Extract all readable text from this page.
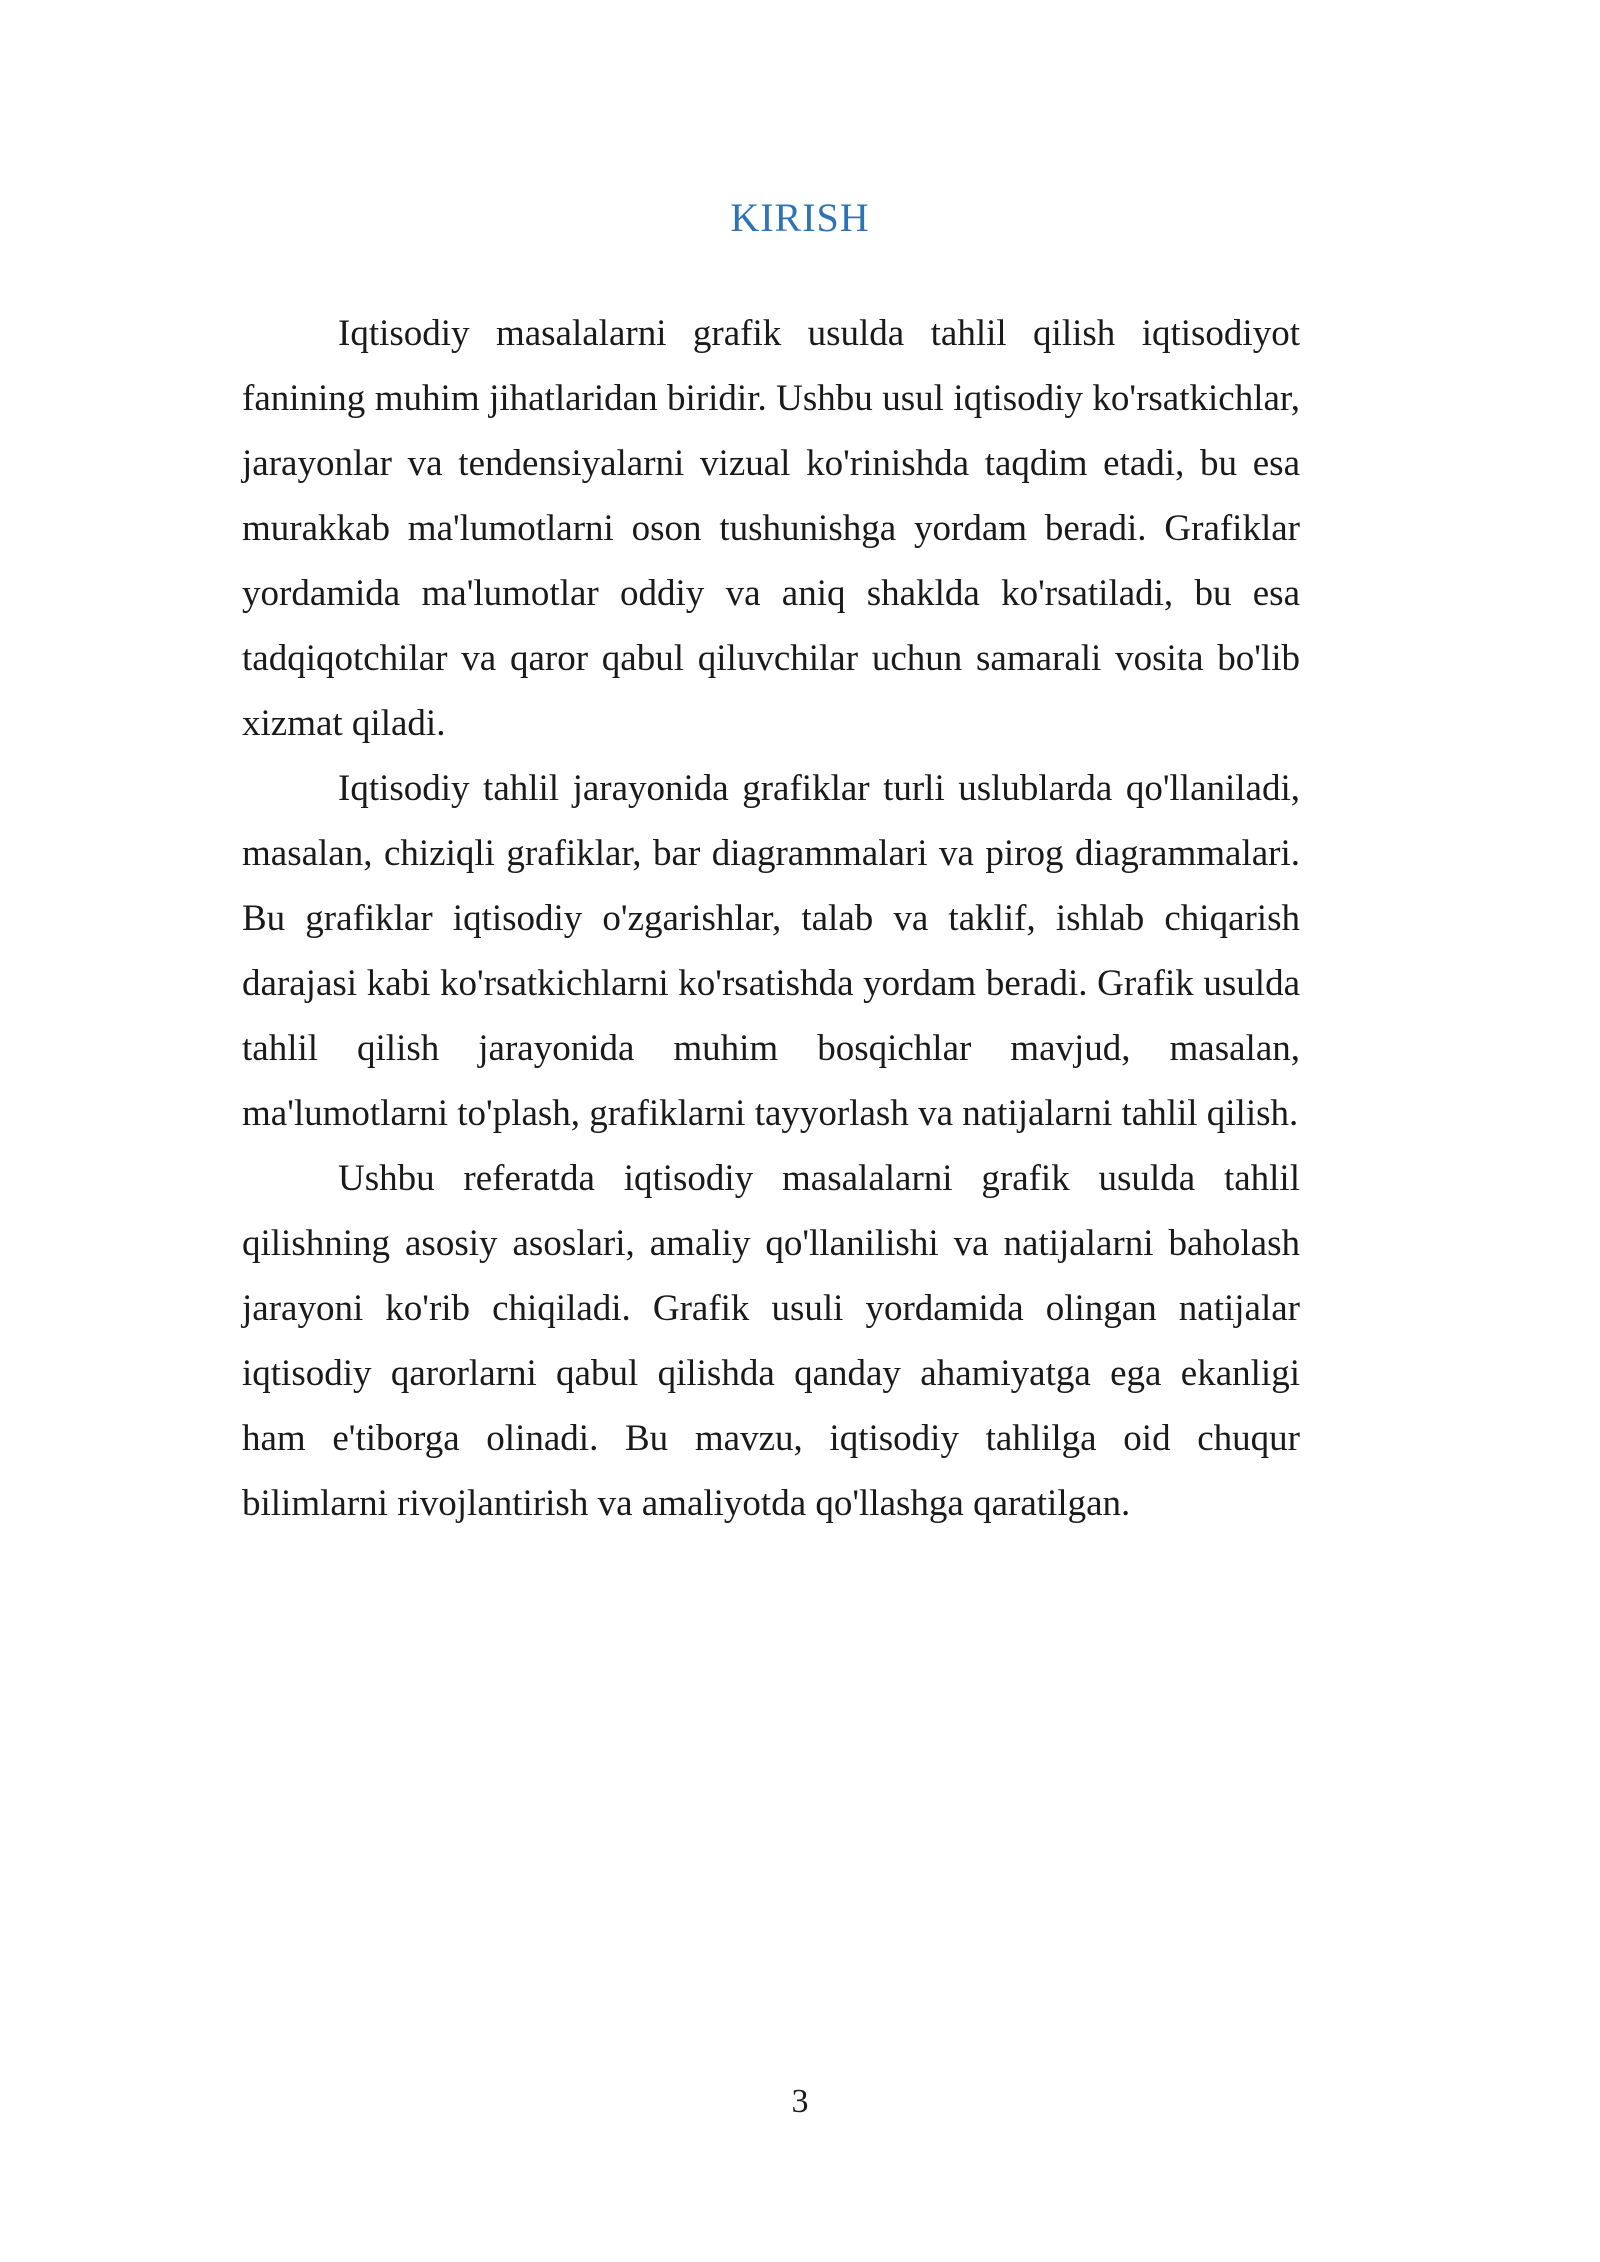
KIRISH

Iqtisodiy masalalarni grafik usulda tahlil qilish iqtisodiyot fanining muhim jihatlaridan biridir. Ushbu usul iqtisodiy ko'rsatkichlar, jarayonlar va tendensiyalarni vizual ko'rinishda taqdim etadi, bu esa murakkab ma'lumotlarni oson tushunishga yordam beradi. Grafiklar yordamida ma'lumotlar oddiy va aniq shaklda ko'rsatiladi, bu esa tadqiqotchilar va qaror qabul qiluvchilar uchun samarali vosita bo'lib xizmat qiladi.

Iqtisodiy tahlil jarayonida grafiklar turli uslublarda qo'llaniladi, masalan, chiziqli grafiklar, bar diagrammalari va pirog diagrammalari. Bu grafiklar iqtisodiy o'zgarishlar, talab va taklif, ishlab chiqarish darajasi kabi ko'rsatkichlarni ko'rsatishda yordam beradi. Grafik usulda tahlil qilish jarayonida muhim bosqichlar mavjud, masalan, ma'lumotlarni to'plash, grafiklarni tayyorlash va natijalarni tahlil qilish.

Ushbu referatda iqtisodiy masalalarni grafik usulda tahlil qilishning asosiy asoslari, amaliy qo'llanilishi va natijalarni baholash jarayoni ko'rib chiqiladi. Grafik usuli yordamida olingan natijalar iqtisodiy qarorlarni qabul qilishda qanday ahamiyatga ega ekanligi ham e'tiborga olinadi. Bu mavzu, iqtisodiy tahlilga oid chuqur bilimlarni rivojlantirish va amaliyotda qo'llashga qaratilgan.

3
